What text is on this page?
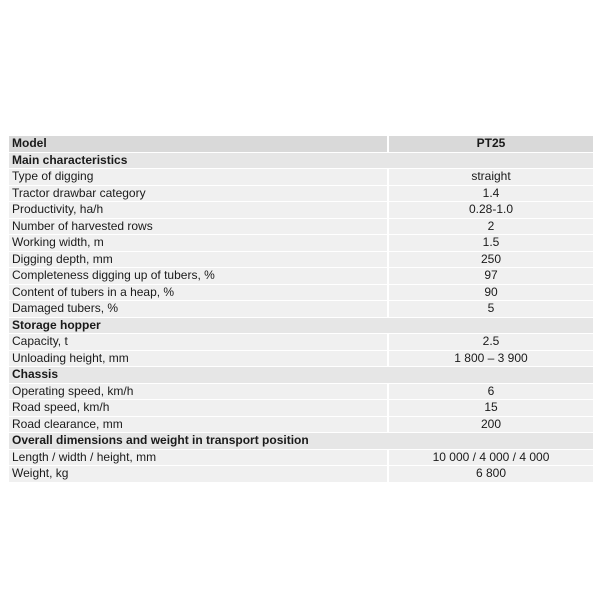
Model		PT25
Main characteristics		
Type of digging		straight
Tractor drawbar category		1.4
Productivity, ha/h		0.28-1.0
Number of harvested rows		2
Working width, m		1.5
Digging depth, mm		250
Completeness digging up of tubers, %		97
Content of tubers in a heap, %		90
Damaged tubers, %		5
Storage hopper		
Capacity, t		2.5
Unloading height, mm		1 800 – 3 900
Chassis		
Operating speed, km/h		6
Road speed, km/h		15
Road clearance, mm		200
Overall dimensions and weight in transport position		
Length / width / height, mm		10 000 / 4 000 / 4 000
Weight, kg		6 800
